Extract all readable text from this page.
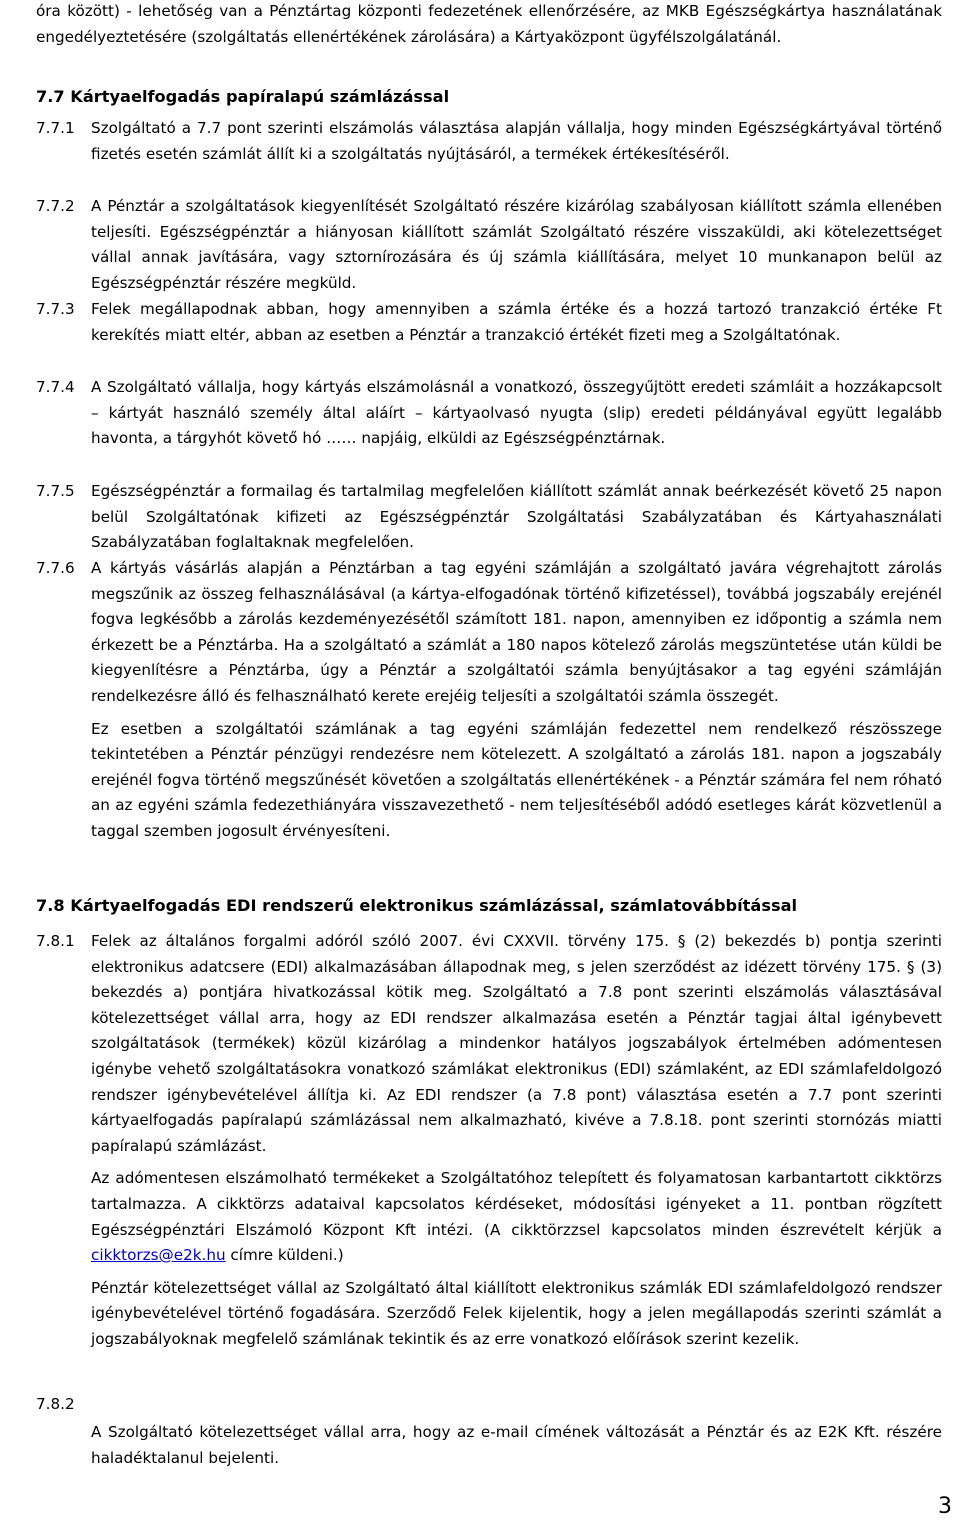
óra között) - lehetőség van a Pénztártag központi fedezetének ellenőrzésére, az MKB Egészségkártya használatának engedélyeztetésére (szolgáltatás ellenértékének zárolására) a Kártyaközpont ügyfélszolgálatánál.

7.7 Kártyaelfogadás papíralapú számlázással
7.7.1	Szolgáltató a 7.7 pont szerinti elszámolás választása alapján vállalja, hogy minden Egészségkártyával történő fizetés esetén számlát állít ki a szolgáltatás nyújtásáról, a termékek értékesítéséről.

7.7.2	A Pénztár a szolgáltatások kiegyenlítését Szolgáltató részére kizárólag szabályosan kiállított számla ellenében teljesíti. Egészségpénztár a hiányosan kiállított számlát Szolgáltató részére visszaküldi, aki kötelezettséget vállal annak javítására, vagy sztornírozására és új számla kiállítására, melyet 10 munkanapon belül az Egészségpénztár részére megküld.

7.7.3	Felek megállapodnak abban, hogy amennyiben a számla értéke és a hozzá tartozó tranzakció értéke Ft kerekítés miatt eltér, abban az esetben a Pénztár a tranzakció értékét fizeti meg a Szolgáltatónak.

7.7.4	A Szolgáltató vállalja, hogy kártyás elszámolásnál a vonatkozó, összegyűjtött eredeti számláit a hozzákapcsolt – kártyát használó személy által aláírt – kártyaolvasó nyugta (slip) eredeti példányával együtt legalább havonta, a tárgyhót követő hó …… napjáig, elküldi az Egészségpénztárnak.

7.7.5	Egészségpénztár a formailag és tartalmilag megfelelően kiállított számlát annak beérkezését követő 25 napon belül Szolgáltatónak kifizeti az Egészségpénztár Szolgáltatási Szabályzatában és Kártyahasználati Szabályzatában foglaltaknak megfelelően.

7.7.6	A kártyás vásárlás alapján a Pénztárban a tag egyéni számláján a szolgáltató javára végrehajtott zárolás megszűnik az összeg felhasználásával (a kártya-elfogadónak történő kifizetéssel), továbbá jogszabály erejénél fogva legkésőbb a zárolás kezdeményezésétől számított 181. napon, amennyiben ez időpontig a számla nem érkezett be a Pénztárba. Ha a szolgáltató a számlát a 180 napos kötelező zárolás megszüntetése után küldi be kiegyenlítésre a Pénztárba, úgy a Pénztár a szolgáltatói számla benyújtásakor a tag egyéni számláján rendelkezésre álló és felhasználható kerete erejéig teljesíti a szolgáltatói számla összegét.

Ez esetben a szolgáltatói számlának a tag egyéni számláján fedezettel nem rendelkező részösszege tekintetében a Pénztár pénzügyi rendezésre nem kötelezett. A szolgáltató a zárolás 181. napon a jogszabály erejénél fogva történő megszűnését követően a szolgáltatás ellenértékének - a Pénztár számára fel nem róható an az egyéni számla fedezethiányára visszavezethető - nem teljesítéséből adódó esetleges kárát közvetlenül a taggal szemben jogosult érvényesíteni.

7.8 Kártyaelfogadás EDI rendszerű elektronikus számlázással, számlatovábbítással
7.8.1	Felek az általános forgalmi adóról szóló 2007. évi CXXVII. törvény 175. § (2) bekezdés b) pontja szerinti elektronikus adatcsere (EDI) alkalmazásában állapodnak meg, s jelen szerződést az idézett törvény 175. § (3) bekezdés a) pontjára hivatkozással kötik meg. Szolgáltató a 7.8 pont szerinti elszámolás választásával kötelezettséget vállal arra, hogy az EDI rendszer alkalmazása esetén a Pénztár tagjai által igénybevett szolgáltatások (termékek) közül kizárólag a mindenkor hatályos jogszabályok értelmében adómentesen igénybe vehető szolgáltatásokra vonatkozó számlákat elektronikus (EDI) számlaként, az EDI számlafeldolgozó rendszer igénybevételével állítja ki. Az EDI rendszer (a 7.8 pont) választása esetén a 7.7 pont szerinti kártyaelfogadás papíralapú számlázással nem alkalmazható, kivéve a 7.8.18. pont szerinti stornózás miatti papíralapú számlázást.

Az adómentesen elszámolható termékeket a Szolgáltatóhoz telepített és folyamatosan karbantartott cikktörzs tartalmazza. A cikktörzs adataival kapcsolatos kérdéseket, módosítási igényeket a 11. pontban rögzített Egészségpénztári Elszámoló Központ Kft intézi. (A cikktörzzsel kapcsolatos minden észrevételt kérjük a cikktorzs@e2k.hu címre küldeni.)

Pénztár kötelezettséget vállal az Szolgáltató által kiállított elektronikus számlák EDI számlafeldolgozó rendszer igénybevételével történő fogadására. Szerződő Felek kijelentik, hogy a jelen megállapodás szerinti számlát a jogszabályoknak megfelelő számlának tekintik és az erre vonatkozó előírások szerint kezelik.

7.8.2

A Szolgáltató kötelezettséget vállal arra, hogy az e-mail címének változását a Pénztár és az E2K Kft. részére haladéktalanul bejelenti.

3
